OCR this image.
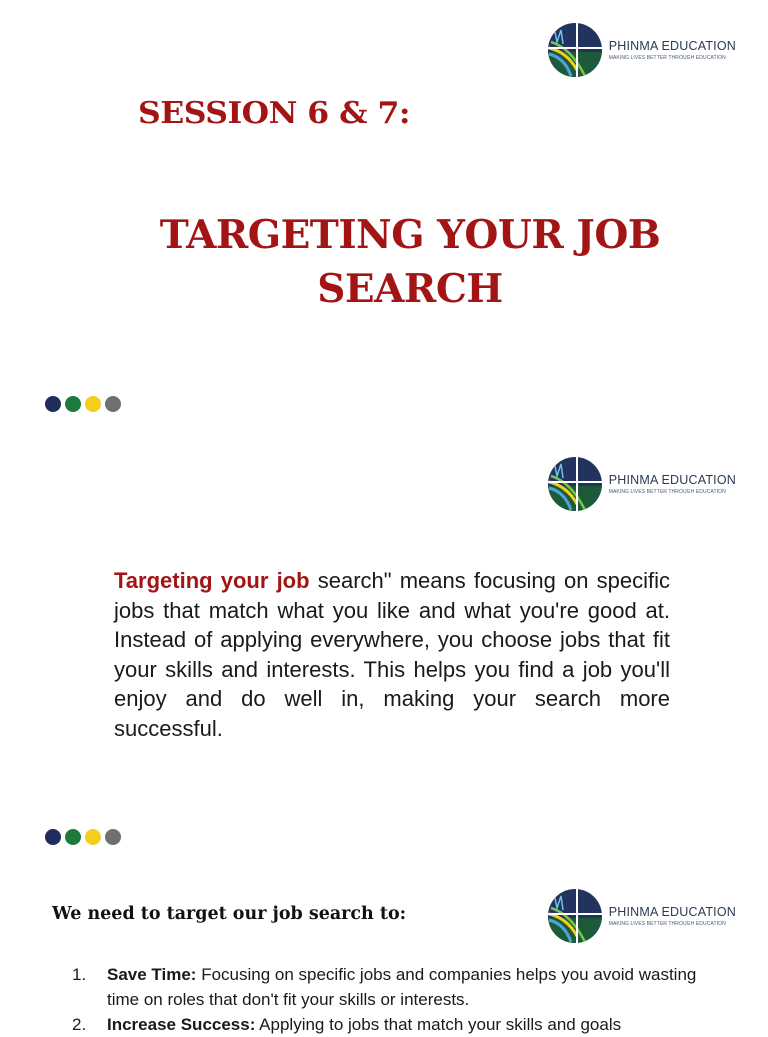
PHINMA EDUCATION
MAKING LIVES BETTER THROUGH EDUCATION
SESSION 6 & 7:
TARGETING YOUR JOB
SEARCH
PHINMA EDUCATION
MAKING LIVES BETTER THROUGH EDUCATION

Targeting your job search" means focusing on specific jobs that match what you like and what you're good at. Instead of applying everywhere, you choose jobs that fit your skills and interests. This helps you find a job you'll enjoy and do well in, making your search more successful.

PHINMA EDUCATION
MAKING LIVES BETTER THROUGH EDUCATION
We need to target our job search to:
1.	Save Time: Focusing on specific jobs and companies helps you avoid wasting time on roles that don't fit your skills or interests.
2.	Increase Success: Applying to jobs that match your skills and goals
